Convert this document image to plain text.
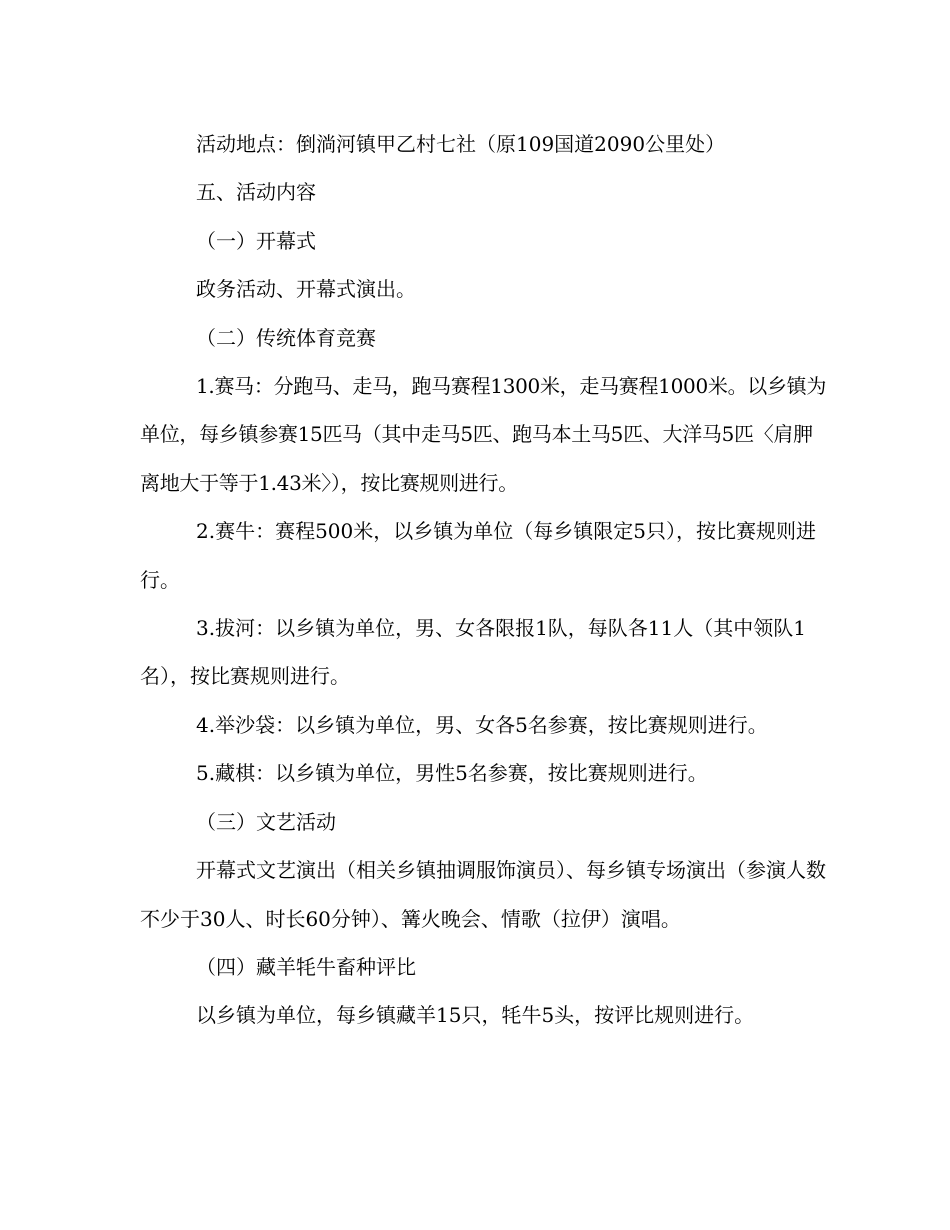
活动地点：倒淌河镇甲乙村七社（原109国道2090公里处）

五、活动内容

（一）开幕式

政务活动、开幕式演出。

（二）传统体育竞赛

1.赛马：分跑马、走马，跑马赛程1300米，走马赛程1000米。以乡镇为单位，每乡镇参赛15匹马（其中走马5匹、跑马本土马5匹、大洋马5匹〈肩胛离地大于等于1.43米〉），按比赛规则进行。

2.赛牛：赛程500米，以乡镇为单位（每乡镇限定5只），按比赛规则进行。

3.拔河：以乡镇为单位，男、女各限报1队，每队各11人（其中领队1名），按比赛规则进行。

4.举沙袋：以乡镇为单位，男、女各5名参赛，按比赛规则进行。

5.藏棋：以乡镇为单位，男性5名参赛，按比赛规则进行。

（三）文艺活动

开幕式文艺演出（相关乡镇抽调服饰演员）、每乡镇专场演出（参演人数不少于30人、时长60分钟）、篝火晚会、情歌（拉伊）演唱。

（四）藏羊牦牛畜种评比

以乡镇为单位，每乡镇藏羊15只，牦牛5头，按评比规则进行。
